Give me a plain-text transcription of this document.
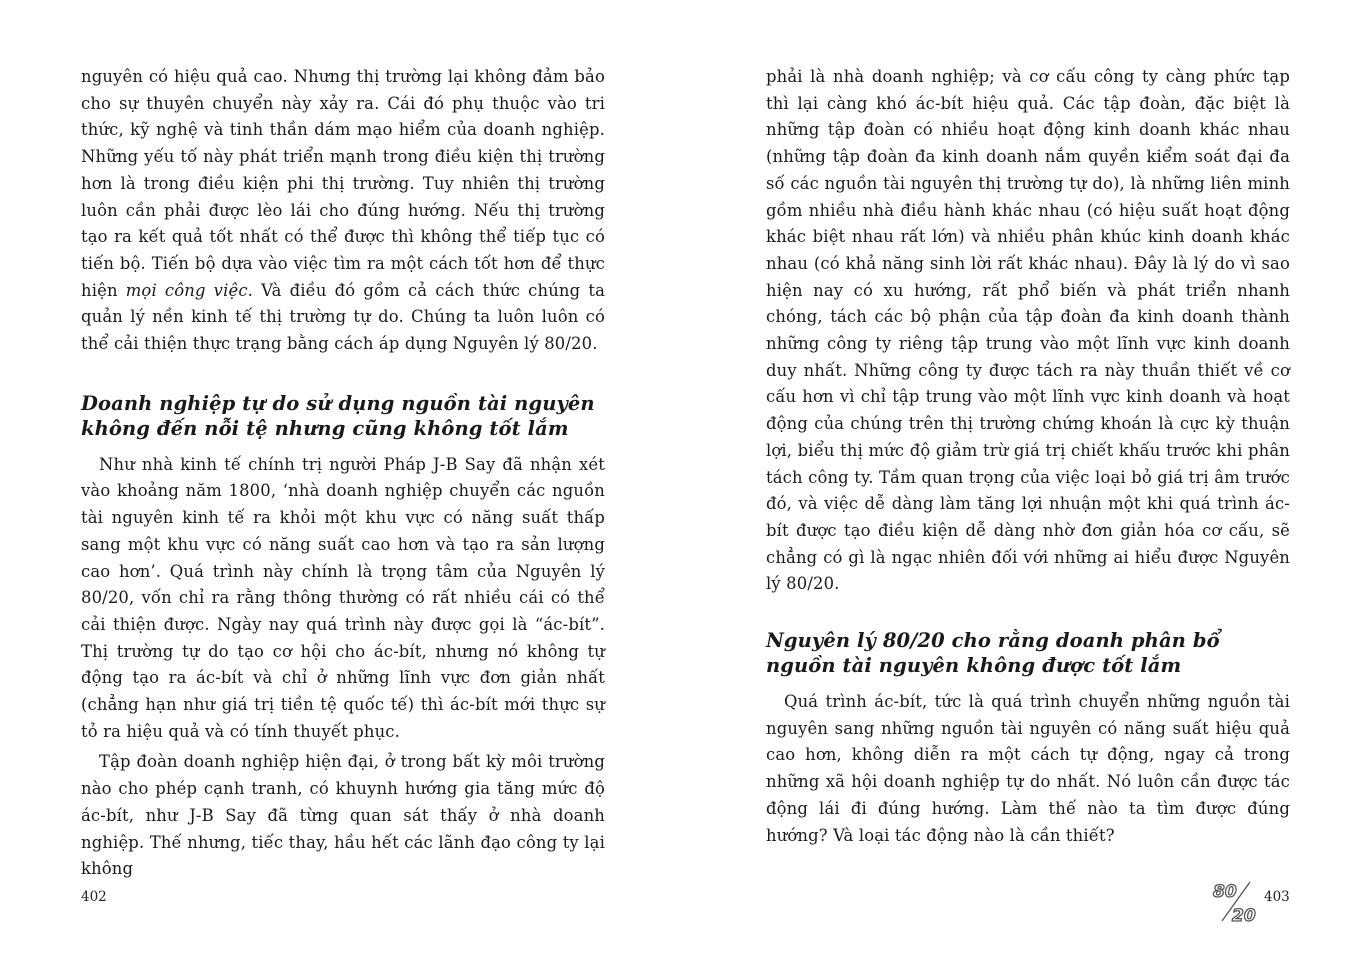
nguyên có hiệu quả cao. Nhưng thị trường lại không đảm bảo cho sự thuyên chuyển này xảy ra. Cái đó phụ thuộc vào tri thức, kỹ nghệ và tinh thần dám mạo hiểm của doanh nghiệp. Những yếu tố này phát triển mạnh trong điều kiện thị trường hơn là trong điều kiện phi thị trường. Tuy nhiên thị trường luôn cần phải được lèo lái cho đúng hướng. Nếu thị trường tạo ra kết quả tốt nhất có thể được thì không thể tiếp tục có tiến bộ. Tiến bộ dựa vào việc tìm ra một cách tốt hơn để thực hiện mọi công việc. Và điều đó gồm cả cách thức chúng ta quản lý nền kinh tế thị trường tự do. Chúng ta luôn luôn có thể cải thiện thực trạng bằng cách áp dụng Nguyên lý 80/20.

Doanh nghiệp tự do sử dụng nguồn tài nguyên không đến nỗi tệ nhưng cũng không tốt lắm

Như nhà kinh tế chính trị người Pháp J-B Say đã nhận xét vào khoảng năm 1800, ‘nhà doanh nghiệp chuyển các nguồn tài nguyên kinh tế ra khỏi một khu vực có năng suất thấp sang một khu vực có năng suất cao hơn và tạo ra sản lượng cao hơn’. Quá trình này chính là trọng tâm của Nguyên lý 80/20, vốn chỉ ra rằng thông thường có rất nhiều cái có thể cải thiện được. Ngày nay quá trình này được gọi là “ác-bít”. Thị trường tự do tạo cơ hội cho ác-bít, nhưng nó không tự động tạo ra ác-bít và chỉ ở những lĩnh vực đơn giản nhất (chẳng hạn như giá trị tiền tệ quốc tế) thì ác-bít mới thực sự tỏ ra hiệu quả và có tính thuyết phục.

Tập đoàn doanh nghiệp hiện đại, ở trong bất kỳ môi trường nào cho phép cạnh tranh, có khuynh hướng gia tăng mức độ ác-bít, như J-B Say đã từng quan sát thấy ở nhà doanh nghiệp. Thế nhưng, tiếc thay, hầu hết các lãnh đạo công ty lại không

phải là nhà doanh nghiệp; và cơ cấu công ty càng phức tạp thì lại càng khó ác-bít hiệu quả. Các tập đoàn, đặc biệt là những tập đoàn có nhiều hoạt động kinh doanh khác nhau (những tập đoàn đa kinh doanh nắm quyền kiểm soát đại đa số các nguồn tài nguyên thị trường tự do), là những liên minh gồm nhiều nhà điều hành khác nhau (có hiệu suất hoạt động khác biệt nhau rất lớn) và nhiều phân khúc kinh doanh khác nhau (có khả năng sinh lời rất khác nhau). Đây là lý do vì sao hiện nay có xu hướng, rất phổ biến và phát triển nhanh chóng, tách các bộ phận của tập đoàn đa kinh doanh thành những công ty riêng tập trung vào một lĩnh vực kinh doanh duy nhất. Những công ty được tách ra này thuần thiết về cơ cấu hơn vì chỉ tập trung vào một lĩnh vực kinh doanh và hoạt động của chúng trên thị trường chứng khoán là cực kỳ thuận lợi, biểu thị mức độ giảm trừ giá trị chiết khấu trước khi phân tách công ty. Tầm quan trọng của việc loại bỏ giá trị âm trước đó, và việc dễ dàng làm tăng lợi nhuận một khi quá trình ác-bít được tạo điều kiện dễ dàng nhờ đơn giản hóa cơ cấu, sẽ chẳng có gì là ngạc nhiên đối với những ai hiểu được Nguyên lý 80/20.

Nguyên lý 80/20 cho rằng doanh phân bổ nguồn tài nguyên không được tốt lắm

Quá trình ác-bít, tức là quá trình chuyển những nguồn tài nguyên sang những nguồn tài nguyên có năng suất hiệu quả cao hơn, không diễn ra một cách tự động, ngay cả trong những xã hội doanh nghiệp tự do nhất. Nó luôn cần được tác động lái đi đúng hướng. Làm thế nào ta tìm được đúng hướng? Và loại tác động nào là cần thiết?

402	80
20
403
